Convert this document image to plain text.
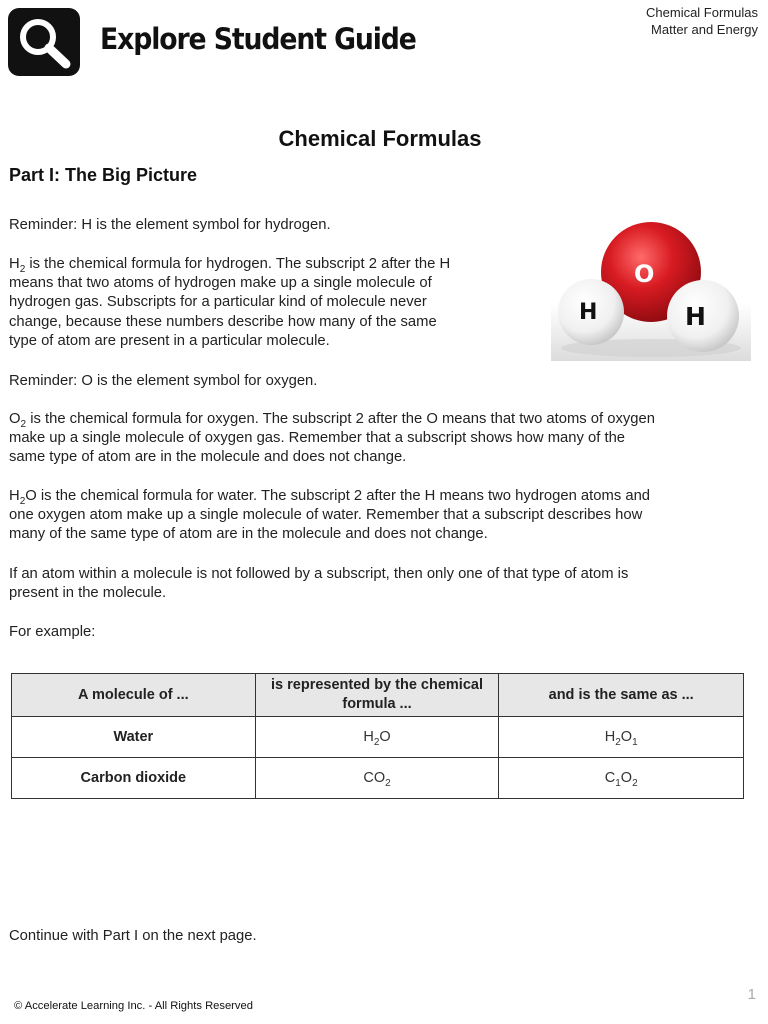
Explore Student Guide
Chemical Formulas
Matter and Energy
Chemical Formulas
Part I: The Big Picture

Reminder: H is the element symbol for hydrogen.

$H_2$ is the chemical formula for hydrogen. The subscript 2 after the H
means that two atoms of hydrogen make up a single molecule of
hydrogen gas. Subscripts for a particular kind of molecule never
change, because these numbers describe how many of the same
type of atom are present in a particular molecule.
O
H	H

Reminder: O is the element symbol for oxygen.

$O_2$ is the chemical formula for oxygen. The subscript 2 after the O means that two atoms of oxygen
make up a single molecule of oxygen gas. Remember that a subscript shows how many of the
same type of atom are in the molecule and does not change.
$H_2O$ is the chemical formula for water. The subscript 2 after the H means two hydrogen atoms and
one oxygen atom make up a single molecule of water. Remember that a subscript describes how
many of the same type of atom are in the molecule and does not change.
If an atom within a molecule is not followed by a subscript, then only one of that type of atom is
present in the molecule.

For example:

A molecule of ...	is represented by the chemical formula ...	and is the same as ...
Water	$H_2O$	$H_2O_1$
Carbon dioxide	$CO_2$	$C_1O_2$

Continue with Part I on the next page.

© Accelerate Learning Inc. - All Rights Reserved
1
